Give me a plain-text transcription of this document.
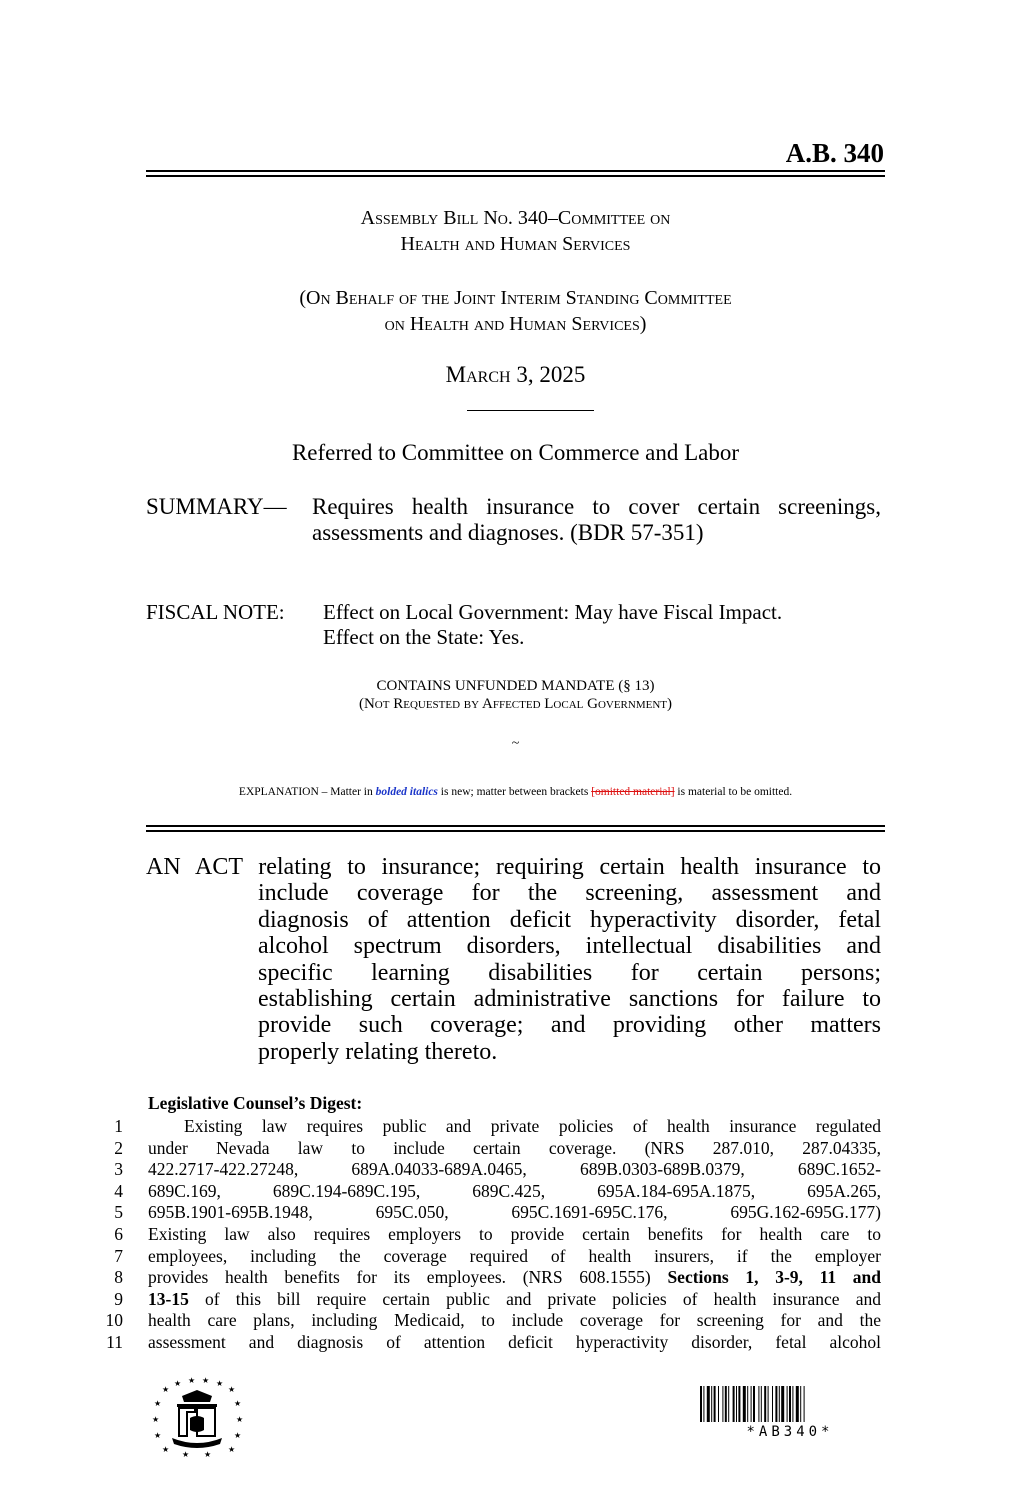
A.B. 340
Assembly Bill No. 340–Committee on
Health and Human Services
(On Behalf of the Joint Interim Standing Committee
on Health and Human Services)
March 3, 2025
Referred to Committee on Commerce and Labor
SUMMARY— Requires health insurance to cover certain screenings, assessments and diagnoses. (BDR 57-351)
FISCAL NOTE: Effect on Local Government: May have Fiscal Impact.
Effect on the State: Yes.
CONTAINS UNFUNDED MANDATE (§ 13)
(Not Requested by Affected Local Government)
~
EXPLANATION – Matter in bolded italics is new; matter between brackets [omitted material] is material to be omitted.
AN ACT relating to insurance; requiring certain health insurance to
include coverage for the screening, assessment and
diagnosis of attention deficit hyperactivity disorder, fetal
alcohol spectrum disorders, intellectual disabilities and
specific learning disabilities for certain persons;
establishing certain administrative sanctions for failure to
provide such coverage; and providing other matters
properly relating thereto.
Legislative Counsel’s Digest:
1	Existing law requires public and private policies of health insurance regulated
2 under Nevada law to include certain coverage. (NRS 287.010, 287.04335,
3 422.2717-422.27248, 689A.04033-689A.0465, 689B.0303-689B.0379, 689C.1652-
4 689C.169, 689C.194-689C.195, 689C.425, 695A.184-695A.1875, 695A.265,
5 695B.1901-695B.1948, 695C.050, 695C.1691-695C.176, 695G.162-695G.177)
6 Existing law also requires employers to provide certain benefits for health care to
7 employees, including the coverage required of health insurers, if the employer
8 provides health benefits for its employees. (NRS 608.1555) Sections 1, 3-9, 11 and
9 13-15 of this bill require certain public and private policies of health insurance and
10 health care plans, including Medicaid, to include coverage for screening for and the
11 assessment and diagnosis of attention deficit hyperactivity disorder, fetal alcohol
★
★ ★ ★ ★
★
★	★
★	★
★	★
★	★
★ ★
*AB340*
